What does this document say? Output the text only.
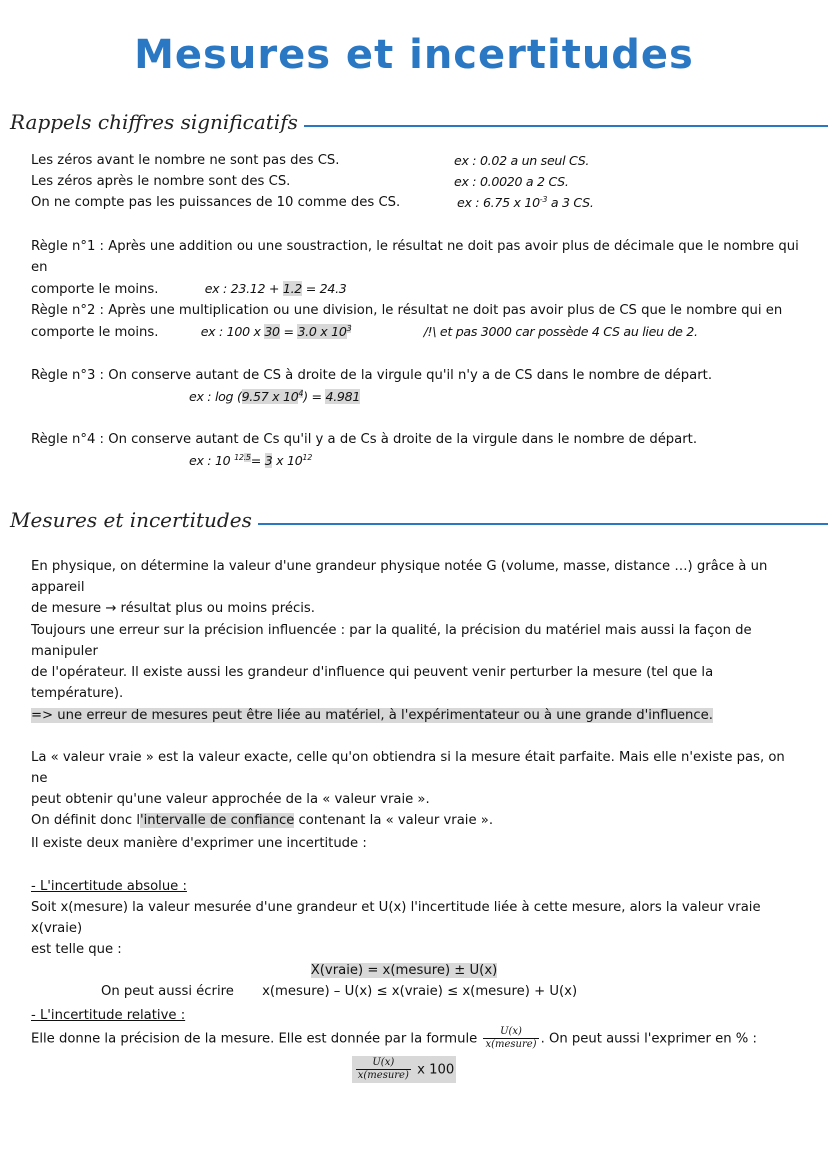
Mesures et incertitudes
Rappels chiffres significatifs
Les zéros avant le nombre ne sont pas des CS.	ex : 0.02 a un seul CS.
Les zéros après le nombre sont des CS.	ex : 0.0020 a 2 CS.
On ne compte pas les puissances de 10 comme des CS.	ex : 6.75 x $10^{-3}$ a 3 CS.
Règle n°1 : Après une addition ou une soustraction, le résultat ne doit pas avoir plus de décimale que le nombre qui en
comporte le moins.	ex : 23.12 + 1.2 = 24.3
Règle n°2 : Après une multiplication ou une division, le résultat ne doit pas avoir plus de CS que le nombre qui en
comporte le moins.	ex : 100 x 30 = 3.0 x $10^3$	/!\ et pas 3000 car possède 4 CS au lieu de 2.
Règle n°3 : On conserve autant de CS à droite de la virgule qu'il n'y a de CS dans le nombre de départ.
ex : log (9.57 x $10^4) = 4.981$
Règle n°4 : On conserve autant de Cs qu'il y a de Cs à droite de la virgule dans le nombre de départ.
ex : 10 $^{12.5}$= 3 x $10^{12}$
Mesures et incertitudes
En physique, on détermine la valeur d'une grandeur physique notée G (volume, masse, distance …) grâce à un appareil
de mesure → résultat plus ou moins précis.
Toujours une erreur sur la précision influencée : par la qualité, la précision du matériel mais aussi la façon de manipuler
de l'opérateur. Il existe aussi les grandeur d'influence qui peuvent venir perturber la mesure (tel que la
température).
=> une erreur de mesures peut être liée au matériel, à l'expérimentateur ou à une grande d'influence.
La « valeur vraie » est la valeur exacte, celle qu'on obtiendra si la mesure était parfaite. Mais elle n'existe pas, on ne
peut obtenir qu'une valeur approchée de la « valeur vraie ».
On définit donc l'intervalle de confiance contenant la « valeur vraie ».
Il existe deux manière d'exprimer une incertitude :
- L'incertitude absolue :
Soit x(mesure) la valeur mesurée d'une grandeur et U(x) l'incertitude liée à cette mesure, alors la valeur vraie x(vraie)
est telle que :
X(vraie) = x(mesure) ± U(x)
On peut aussi écrire x(mesure) – U(x) ≤ x(vraie) ≤ x(mesure) + U(x)
- L'incertitude relative :
Elle donne la précision de la mesure. Elle est donnée par la formule $\frac{U(x)}{\text{x(mesure)}}$ . On peut aussi l'exprimer en % :
$\frac{U(x)}{\text{x(mesure)}}$ x 100
